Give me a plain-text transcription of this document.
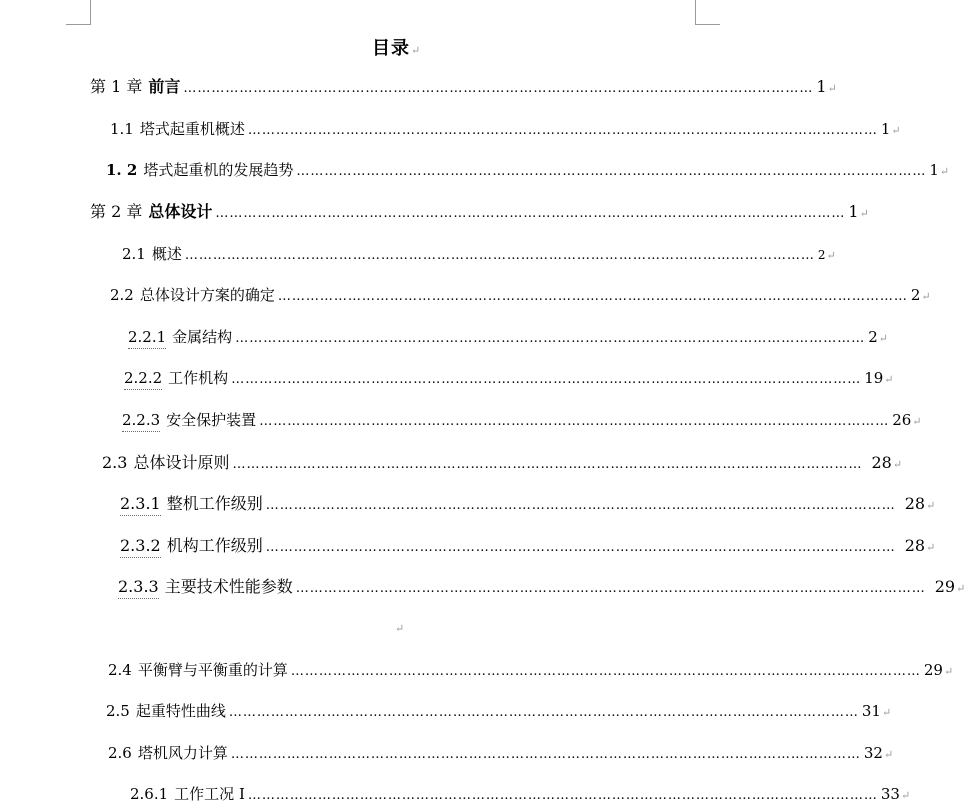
目录↵
第 1 章 前言 ……………………………………………………………………………………………………………………… 1 ↵
1.1 塔式起重机概述 ……………………………………………………………………………………………………………………… 1 ↵
1. 2 塔式起重机的发展趋势 ……………………………………………………………………………………………………………………… 1 ↵
第 2 章 总体设计 ……………………………………………………………………………………………………………………… 1 ↵
2.1 概述 ……………………………………………………………………………………………………………………… 2 ↵
2.2 总体设计方案的确定 ……………………………………………………………………………………………………………………… 2 ↵
2.2.1 金属结构 ……………………………………………………………………………………………………………………… 2 ↵
2.2.2 工作机构 ……………………………………………………………………………………………………………………… 19 ↵
2.2.3 安全保护装置 ……………………………………………………………………………………………………………………… 26 ↵
2.3 总体设计原则 ……………………………………………………………………………………………………………………… 28 ↵
2.3.1 整机工作级别 ……………………………………………………………………………………………………………………… 28 ↵
2.3.2 机构工作级别 ……………………………………………………………………………………………………………………… 28 ↵
2.3.3 主要技术性能参数 ……………………………………………………………………………………………………………………… 29 ↵
↵
2.4 平衡臂与平衡重的计算 ……………………………………………………………………………………………………………………… 29 ↵
2.5 起重特性曲线 ……………………………………………………………………………………………………………………… 31 ↵
2.6 塔机风力计算 ……………………………………………………………………………………………………………………… 32 ↵
2.6.1 工作工况 I ……………………………………………………………………………………………………………………… 33 ↵
